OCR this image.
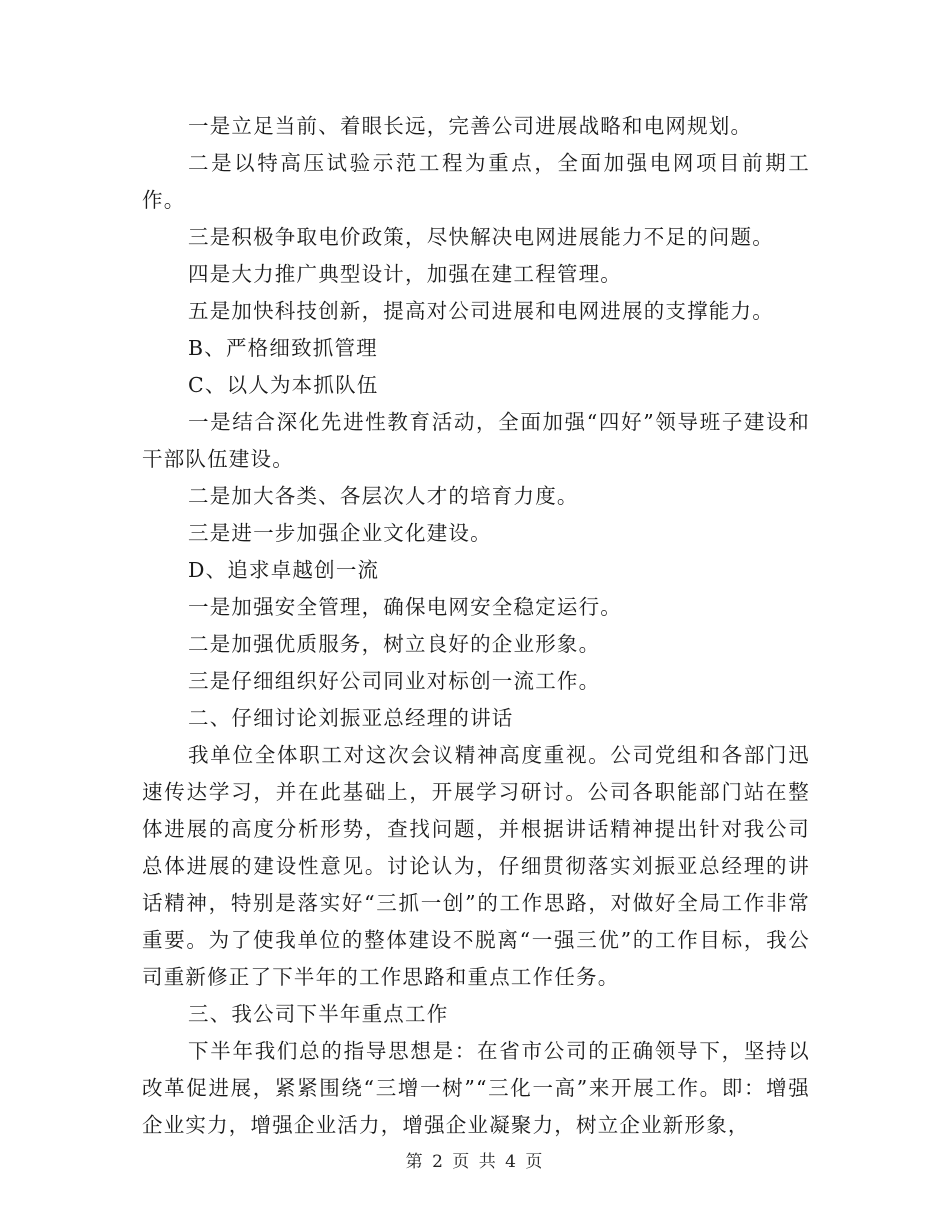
一是立足当前、着眼长远，完善公司进展战略和电网规划。

二是以特高压试验示范工程为重点，全面加强电网项目前期工作。

三是积极争取电价政策，尽快解决电网进展能力不足的问题。

四是大力推广典型设计，加强在建工程管理。

五是加快科技创新，提高对公司进展和电网进展的支撑能力。

B、严格细致抓管理

C、以人为本抓队伍

一是结合深化先进性教育活动，全面加强“四好”领导班子建设和干部队伍建设。

二是加大各类、各层次人才的培育力度。

三是进一步加强企业文化建设。

D、追求卓越创一流

一是加强安全管理，确保电网安全稳定运行。

二是加强优质服务，树立良好的企业形象。

三是仔细组织好公司同业对标创一流工作。

二、仔细讨论刘振亚总经理的讲话

我单位全体职工对这次会议精神高度重视。公司党组和各部门迅速传达学习，并在此基础上，开展学习研讨。公司各职能部门站在整体进展的高度分析形势，查找问题，并根据讲话精神提出针对我公司总体进展的建设性意见。讨论认为，仔细贯彻落实刘振亚总经理的讲话精神，特别是落实好“三抓一创”的工作思路，对做好全局工作非常重要。为了使我单位的整体建设不脱离“一强三优”的工作目标，我公司重新修正了下半年的工作思路和重点工作任务。

三、我公司下半年重点工作

下半年我们总的指导思想是：在省市公司的正确领导下，坚持以改革促进展，紧紧围绕“三增一树”“三化一高”来开展工作。即：增强企业实力，增强企业活力，增强企业凝聚力，树立企业新形象，

第 2 页 共 4 页
